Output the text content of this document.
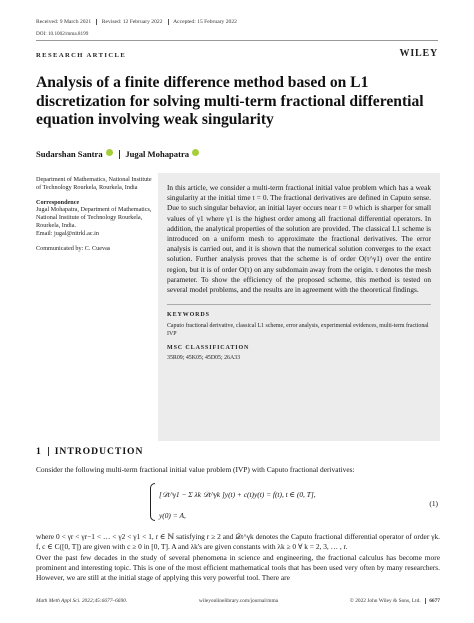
Received: 9 March 2021 Revised: 12 February 2022 Accepted: 15 February 2022
DOI: 10.1002/mma.8199
RESEARCH ARTICLE	WILEY
Analysis of a finite difference method based on L1 discretization for solving multi-term fractional differential equation involving weak singularity
Sudarshan Santra	Jugal Mohapatra
Department of Mathematics, National Institute of Technology Rourkela, Rourkela, India
Correspondence
Jugal Mohapatra, Department of Mathematics, National Institute of Technology Rourkela, Rourkela, India.
Email: jugal@nitrkl.ac.in
Communicated by: C. Cuevas

In this article, we consider a multi-term fractional initial value problem which has a weak singularity at the initial time t = 0. The fractional derivatives are defined in Caputo sense. Due to such singular behavior, an initial layer occurs near t = 0 which is sharper for small values of γ1 where γ1 is the highest order among all fractional differential operators. In addition, the analytical properties of the solution are provided. The classical L1 scheme is introduced on a uniform mesh to approximate the fractional derivatives. The error analysis is carried out, and it is shown that the numerical solution converges to the exact solution. Further analysis proves that the scheme is of order O(τ^γ1) over the entire region, but it is of order O(τ) on any subdomain away from the origin. τ denotes the mesh parameter. To show the efficiency of the proposed scheme, this method is tested on several model problems, and the results are in agreement with the theoretical findings.

KEYWORDS
Caputo fractional derivative, classical L1 scheme, error analysis, experimental evidences, multi-term fractional IVP
MSC CLASSIFICATION
35R09; 45K05; 45D05; 26A33
1 INTRODUCTION

Consider the following multi-term fractional initial value problem (IVP) with Caputo fractional derivatives:

[𝒟t^γ1 − Σ λk 𝒟t^γk ]y(t) + c(t)y(t) = f(t), t ∈ (0, T],
y(0) = A,
(1)

where 0 < γr < γr−1 < … < γ2 < γ1 < 1, r ∈ ℕ satisfying r ≥ 2 and 𝒟t^γk denotes the Caputo fractional differential operator of order γk. f, c ∈ C([0, T]) are given with c ≥ 0 in [0, T]. A and λk's are given constants with λk ≥ 0 ∀ k = 2, 3, … , r.

Over the past few decades in the study of several phenomena in science and engineering, the fractional calculus has become more prominent and interesting topic. This is one of the most efficient mathematical tools that has been used very often by many researchers. However, we are still at the initial stage of applying this very powerful tool. There are

Math Meth Appl Sci. 2022;45:6677–6690.	wileyonlinelibrary.com/journal/mma	© 2022 John Wiley & Sons, Ltd. 6677
